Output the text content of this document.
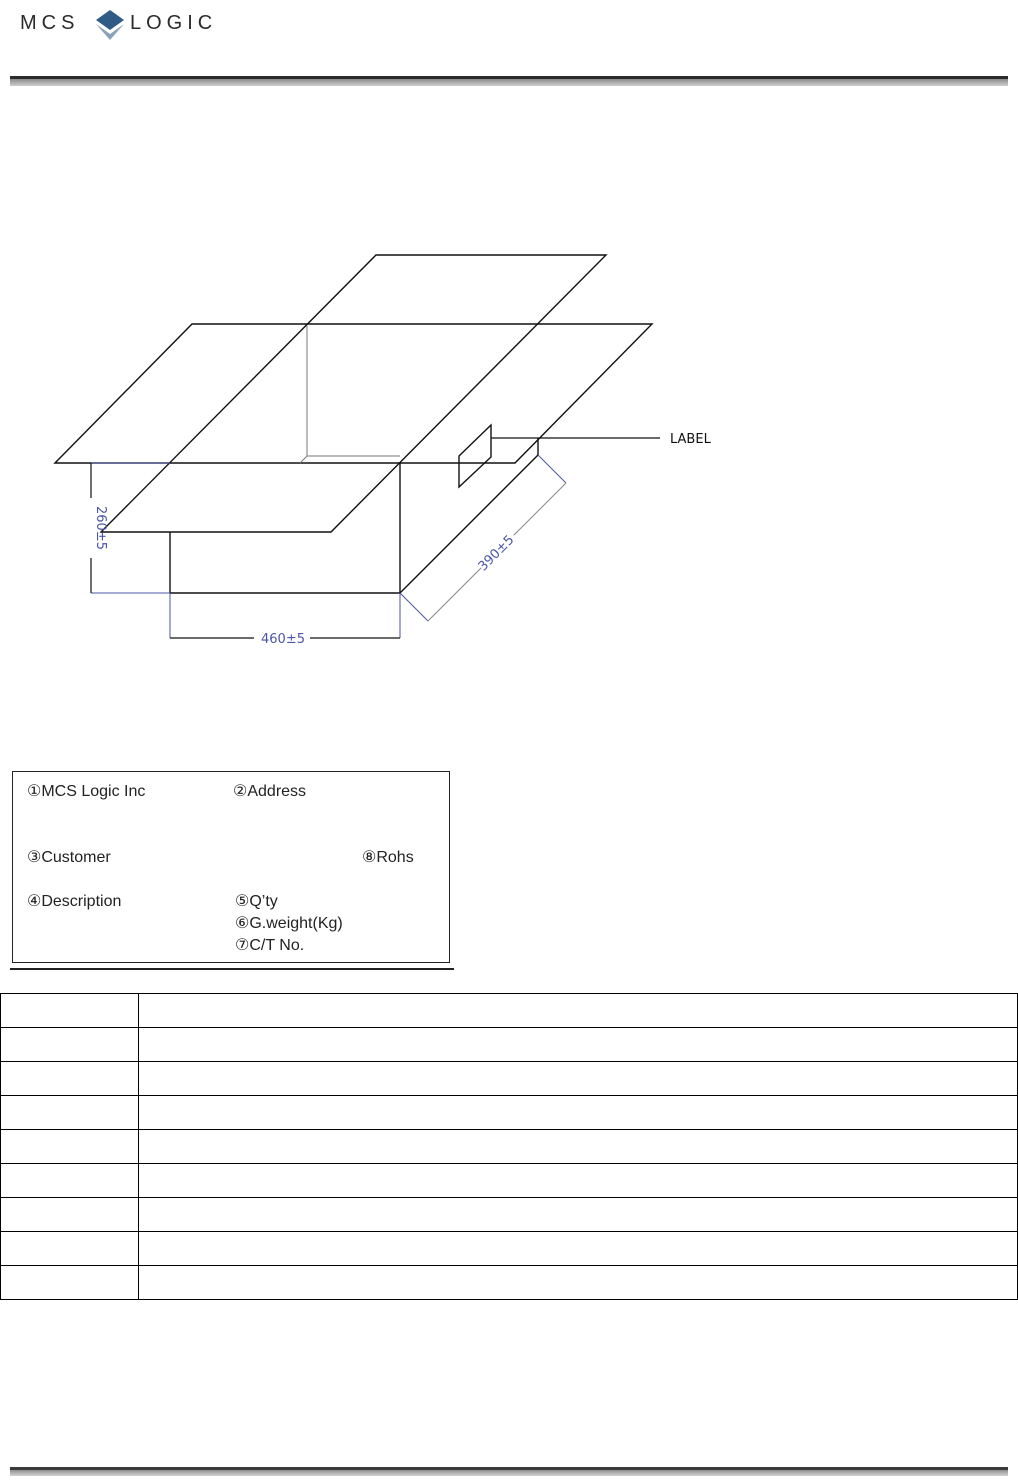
MCS	LOGIC
LABEL
260±5
460±5
390±5
①MCS Logic Inc	②Address
③Customer	⑧Rohs
④Description	⑤Q’ty
⑥G.weight(Kg)
⑦C/T No.
